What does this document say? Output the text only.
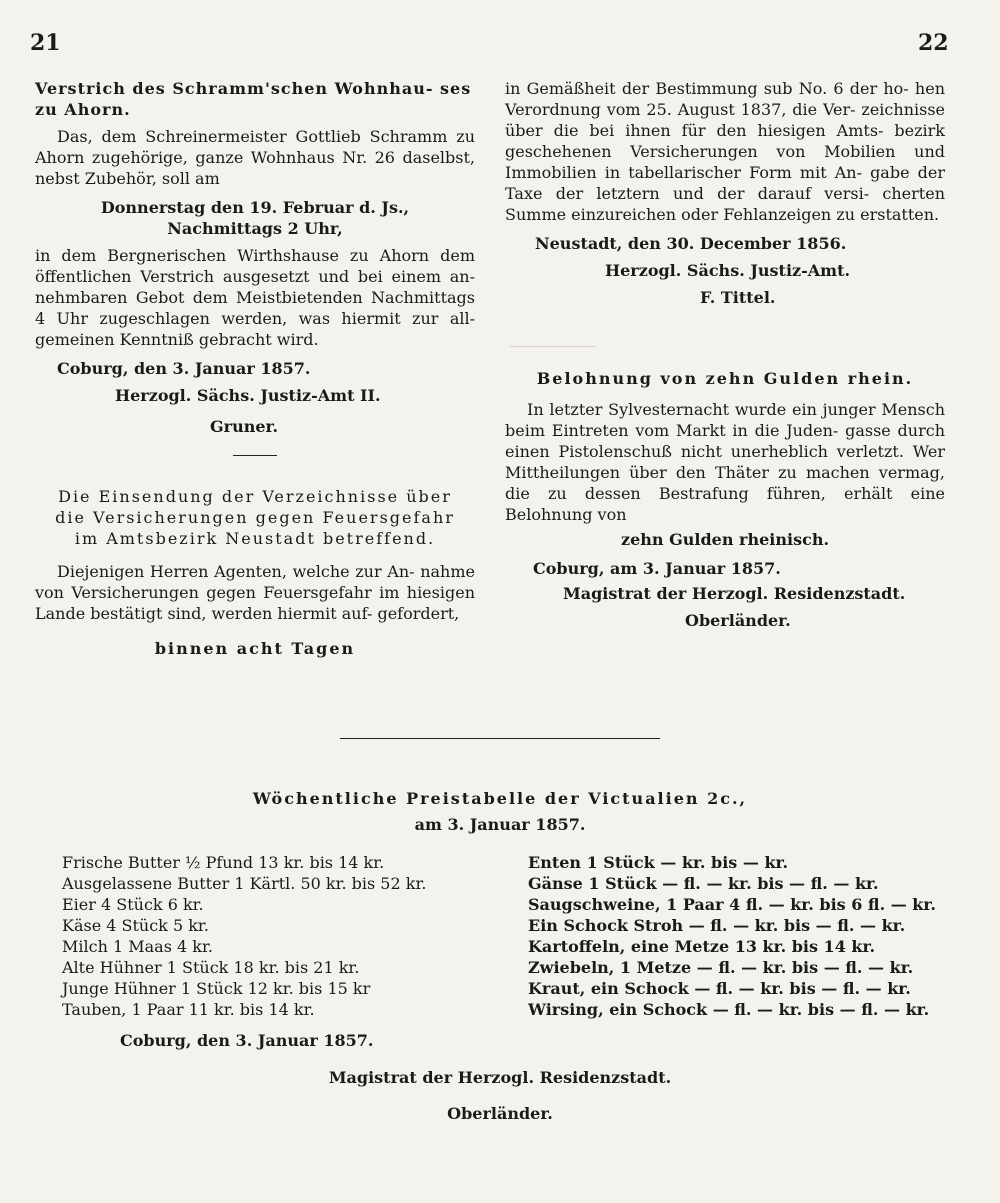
21	22
───────────

Verstrich des Schramm'schen Wohnhau- ses zu Ahorn.

Das, dem Schreinermeister Gottlieb Schramm zu Ahorn zugehörige, ganze Wohnhaus Nr. 26 daselbst, nebst Zubehör, soll am

Donnerstag den 19. Februar d. Js.,

Nachmittags 2 Uhr,

in dem Bergnerischen Wirthshause zu Ahorn dem öffentlichen Verstrich ausgesetzt und bei einem an- nehmbaren Gebot dem Meistbietenden Nachmittags 4 Uhr zugeschlagen werden, was hiermit zur all- gemeinen Kenntniß gebracht wird.

Coburg, den 3. Januar 1857.

Herzogl. Sächs. Justiz-Amt II.

Gruner.

Die Einsendung der Verzeichnisse über

die Versicherungen gegen Feuersgefahr

im Amtsbezirk Neustadt betreffend.

Diejenigen Herren Agenten, welche zur An- nahme von Versicherungen gegen Feuersgefahr im hiesigen Lande bestätigt sind, werden hiermit auf- gefordert,

binnen acht Tagen

in Gemäßheit der Bestimmung sub No. 6 der ho- hen Verordnung vom 25. August 1837, die Ver- zeichnisse über die bei ihnen für den hiesigen Amts- bezirk geschehenen Versicherungen von Mobilien und Immobilien in tabellarischer Form mit An- gabe der Taxe der letztern und der darauf versi- cherten Summe einzureichen oder Fehlanzeigen zu erstatten.

Neustadt, den 30. December 1856.

Herzogl. Sächs. Justiz-Amt.

F. Tittel.

Belohnung von zehn Gulden rhein.

In letzter Sylvesternacht wurde ein junger Mensch beim Eintreten vom Markt in die Juden- gasse durch einen Pistolenschuß nicht unerheblich verletzt. Wer Mittheilungen über den Thäter zu machen vermag, die zu dessen Bestrafung führen, erhält eine Belohnung von

zehn Gulden rheinisch.

Coburg, am 3. Januar 1857.

Magistrat der Herzogl. Residenzstadt.

Oberländer.

Wöchentliche Preistabelle der Victualien 2c.,
am 3. Januar 1857.
Frische Butter ½ Pfund 13 kr. bis 14 kr.
Ausgelassene Butter 1 Kärtl. 50 kr. bis 52 kr.
Eier 4 Stück 6 kr.
Käse 4 Stück 5 kr.
Milch 1 Maas 4 kr.
Alte Hühner 1 Stück 18 kr. bis 21 kr.
Junge Hühner 1 Stück 12 kr. bis 15 kr
Tauben, 1 Paar 11 kr. bis 14 kr.
Coburg, den 3. Januar 1857.
Enten 1 Stück — kr. bis — kr.
Gänse 1 Stück — fl. — kr. bis — fl. — kr.
Saugschweine, 1 Paar 4 fl. — kr. bis 6 fl. — kr.
Ein Schock Stroh — fl. — kr. bis — fl. — kr.
Kartoffeln, eine Metze 13 kr. bis 14 kr.
Zwiebeln, 1 Metze — fl. — kr. bis — fl. — kr.
Kraut, ein Schock — fl. — kr. bis — fl. — kr.
Wirsing, ein Schock — fl. — kr. bis — fl. — kr.
Magistrat der Herzogl. Residenzstadt.
Oberländer.
